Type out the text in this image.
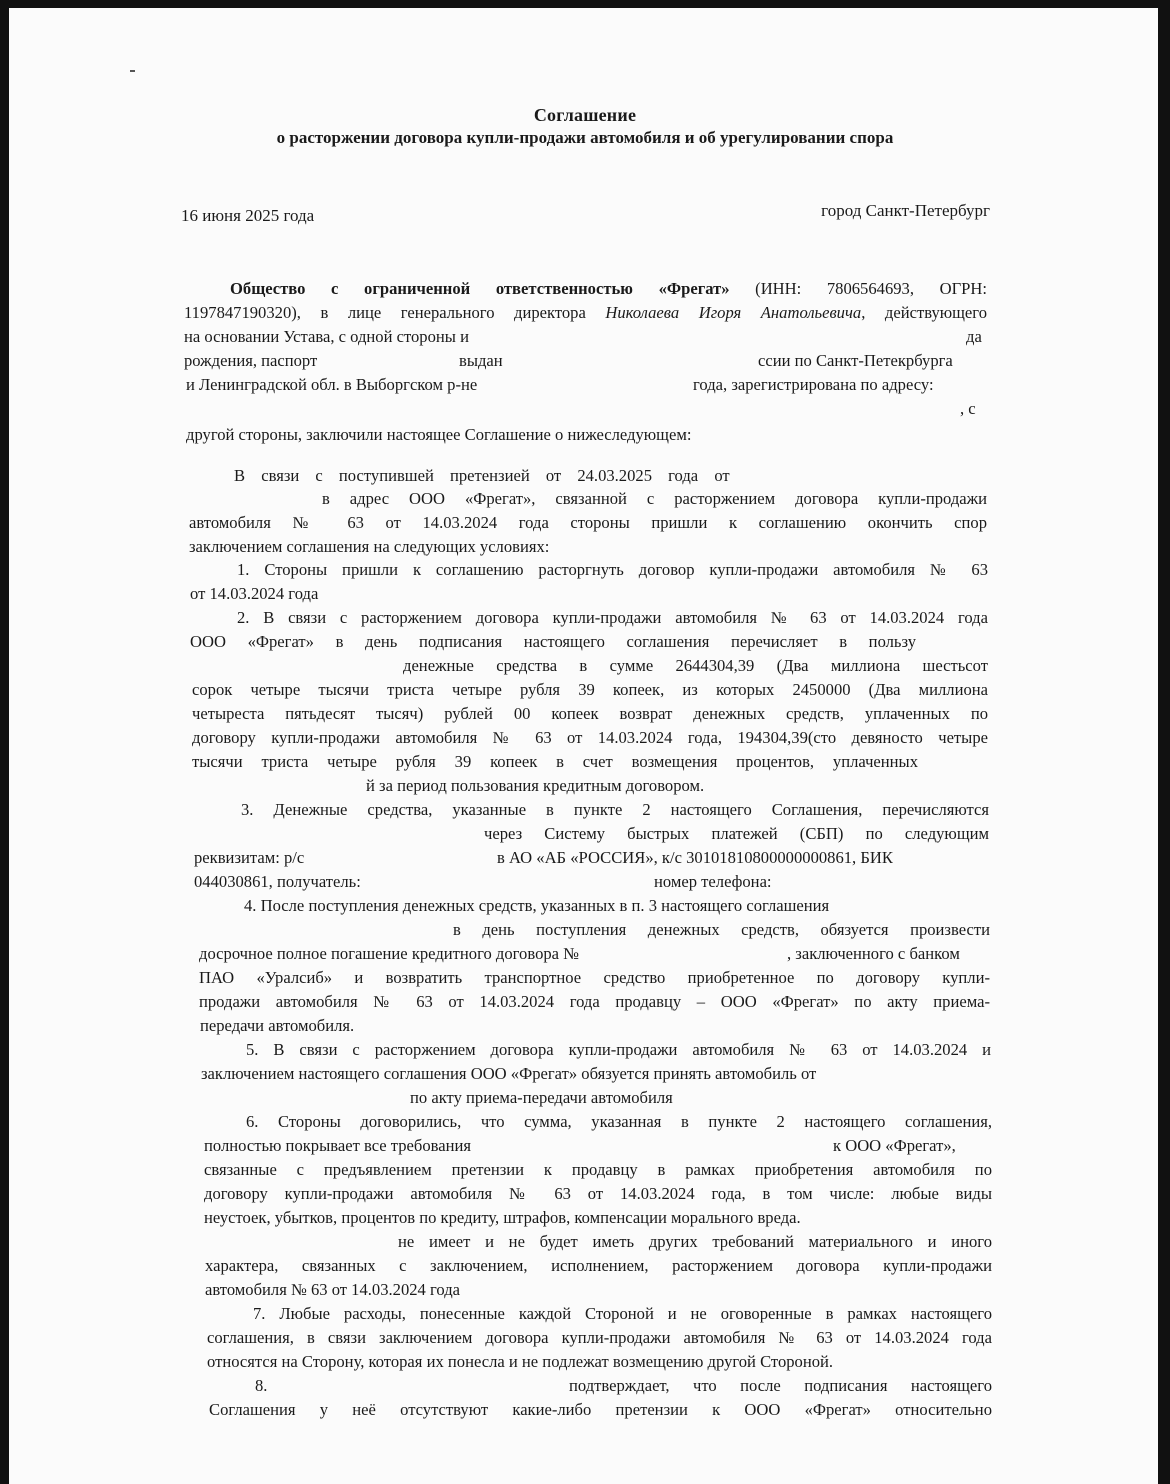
Соглашение
о расторжении договора купли-продажи автомобиля и об урегулировании спора
16 июня 2025 года	город Санкт-Петербург
Общество с ограниченной ответственностью «Фрегат» (ИНН: 7806564693, ОГРН:
1197847190320), в лице генерального директора Николаева Игоря Анатольевича, действующего
на основании Устава, с одной стороны и	да
рождения, паспорт	выдан	ссии по Санкт-Петекрбурга
и Ленинградской обл. в Выборгском р-не	года, зарегистрирована по адресу:
, с
другой стороны, заключили настоящее Соглашение о нижеследующем:
В связи с поступившей претензией от 24.03.2025 года от
в адрес ООО «Фрегат», связанной с расторжением договора купли-продажи
автомобиля № 63 от 14.03.2024 года стороны пришли к соглашению окончить спор
заключением соглашения на следующих условиях:
1. Стороны пришли к соглашению расторгнуть договор купли-продажи автомобиля № 63
от 14.03.2024 года
2. В связи с расторжением договора купли-продажи автомобиля № 63 от 14.03.2024 года
ООО «Фрегат» в день подписания настоящего соглашения перечисляет в пользу
денежные средства в сумме 2644304,39 (Два миллиона шестьсот
сорок четыре тысячи триста четыре рубля 39 копеек, из которых 2450000 (Два миллиона
четыреста пятьдесят тысяч) рублей 00 копеек возврат денежных средств, уплаченных по
договору купли-продажи автомобиля № 63 от 14.03.2024 года, 194304,39(сто девяносто четыре
тысячи триста четыре рубля 39 копеек в счет возмещения процентов, уплаченных
й за период пользования кредитным договором.
3. Денежные средства, указанные в пункте 2 настоящего Соглашения, перечисляются
через Систему быстрых платежей (СБП) по следующим
реквизитам: р/с	в АО «АБ «РОССИЯ», к/с 30101810800000000861, БИК
044030861, получатель:	номер телефона:
4. После поступления денежных средств, указанных в п. 3 настоящего соглашения
в день поступления денежных средств, обязуется произвести
досрочное полное погашение кредитного договора №	, заключенного с банком
ПАО «Уралсиб» и возвратить транспортное средство приобретенное по договору купли-
продажи автомобиля № 63 от 14.03.2024 года продавцу – ООО «Фрегат» по акту приема-
передачи автомобиля.
5. В связи с расторжением договора купли-продажи автомобиля № 63 от 14.03.2024 и
заключением настоящего соглашения ООО «Фрегат» обязуется принять автомобиль от
по акту приема-передачи автомобиля
6. Стороны договорились, что сумма, указанная в пункте 2 настоящего соглашения,
полностью покрывает все требования	к ООО «Фрегат»,
связанные с предъявлением претензии к продавцу в рамках приобретения автомобиля по
договору купли-продажи автомобиля № 63 от 14.03.2024 года, в том числе: любые виды
неустоек, убытков, процентов по кредиту, штрафов, компенсации морального вреда.
не имеет и не будет иметь других требований материального и иного
характера, связанных с заключением, исполнением, расторжением договора купли-продажи
автомобиля № 63 от 14.03.2024 года
7. Любые расходы, понесенные каждой Стороной и не оговоренные в рамках настоящего
соглашения, в связи заключением договора купли-продажи автомобиля № 63 от 14.03.2024 года
относятся на Сторону, которая их понесла и не подлежат возмещению другой Стороной.
8.	подтверждает, что после подписания настоящего
Соглашения у неё отсутствуют какие-либо претензии к ООО «Фрегат» относительно
